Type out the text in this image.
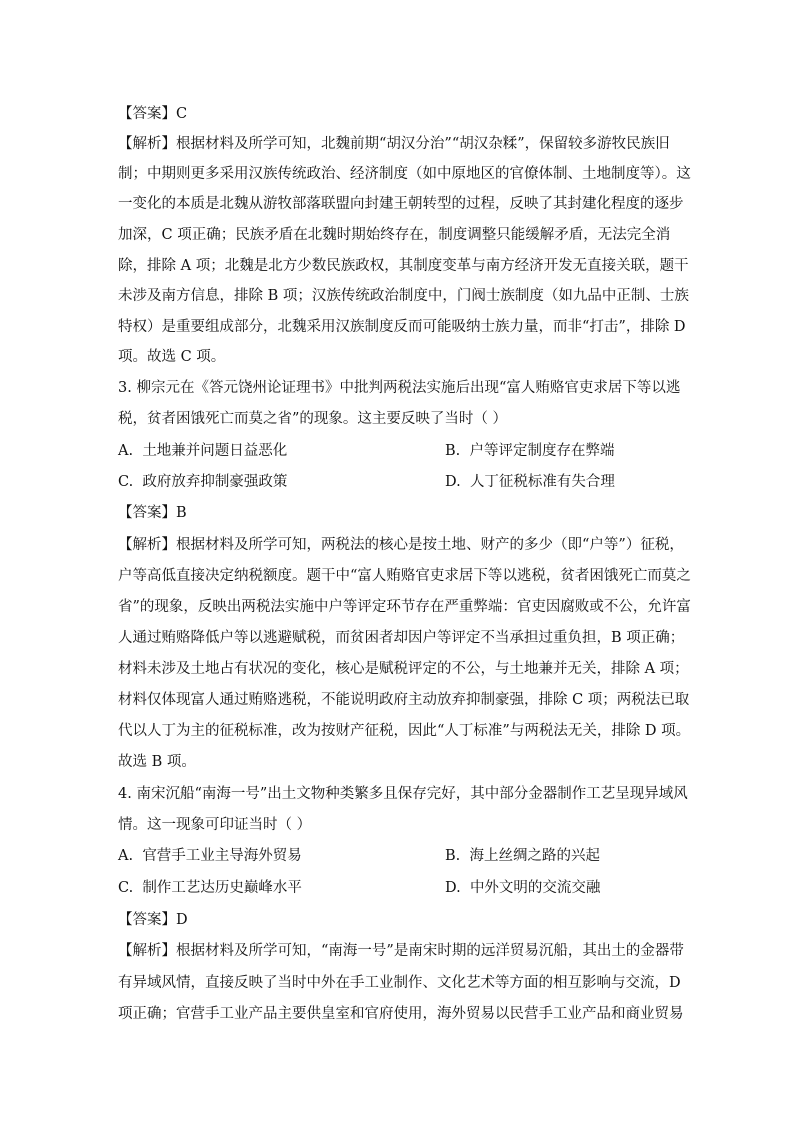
【答案】C
【解析】根据材料及所学可知，北魏前期“胡汉分治”“胡汉杂糅”，保留较多游牧民族旧
制；中期则更多采用汉族传统政治、经济制度（如中原地区的官僚体制、土地制度等）。这
一变化的本质是北魏从游牧部落联盟向封建王朝转型的过程，反映了其封建化程度的逐步
加深，C 项正确；民族矛盾在北魏时期始终存在，制度调整只能缓解矛盾，无法完全消
除，排除 A 项；北魏是北方少数民族政权，其制度变革与南方经济开发无直接关联，题干
未涉及南方信息，排除 B 项；汉族传统政治制度中，门阀士族制度（如九品中正制、士族
特权）是重要组成部分，北魏采用汉族制度反而可能吸纳士族力量，而非“打击”，排除 D
项。故选 C 项。
3. 柳宗元在《答元饶州论证理书》中批判两税法实施后出现“富人贿赂官吏求居下等以逃
税，贫者困饿死亡而莫之省”的现象。这主要反映了当时（ ）
A. 土地兼并问题日益恶化	B. 户等评定制度存在弊端
C. 政府放弃抑制豪强政策	D. 人丁征税标准有失合理
【答案】B
【解析】根据材料及所学可知，两税法的核心是按土地、财产的多少（即“户等”）征税，
户等高低直接决定纳税额度。题干中“富人贿赂官吏求居下等以逃税，贫者困饿死亡而莫之
省”的现象，反映出两税法实施中户等评定环节存在严重弊端：官吏因腐败或不公，允许富
人通过贿赂降低户等以逃避赋税，而贫困者却因户等评定不当承担过重负担，B 项正确；
材料未涉及土地占有状况的变化，核心是赋税评定的不公，与土地兼并无关，排除 A 项；
材料仅体现富人通过贿赂逃税，不能说明政府主动放弃抑制豪强，排除 C 项；两税法已取
代以人丁为主的征税标准，改为按财产征税，因此“人丁标准”与两税法无关，排除 D 项。
故选 B 项。
4. 南宋沉船“南海一号”出土文物种类繁多且保存完好，其中部分金器制作工艺呈现异域风
情。这一现象可印证当时（ ）
A. 官营手工业主导海外贸易	B. 海上丝绸之路的兴起
C. 制作工艺达历史巅峰水平	D. 中外文明的交流交融
【答案】D
【解析】根据材料及所学可知，“南海一号”是南宋时期的远洋贸易沉船，其出土的金器带
有异域风情，直接反映了当时中外在手工业制作、文化艺术等方面的相互影响与交流，D
项正确；官营手工业产品主要供皇室和官府使用，海外贸易以民营手工业产品和商业贸易
